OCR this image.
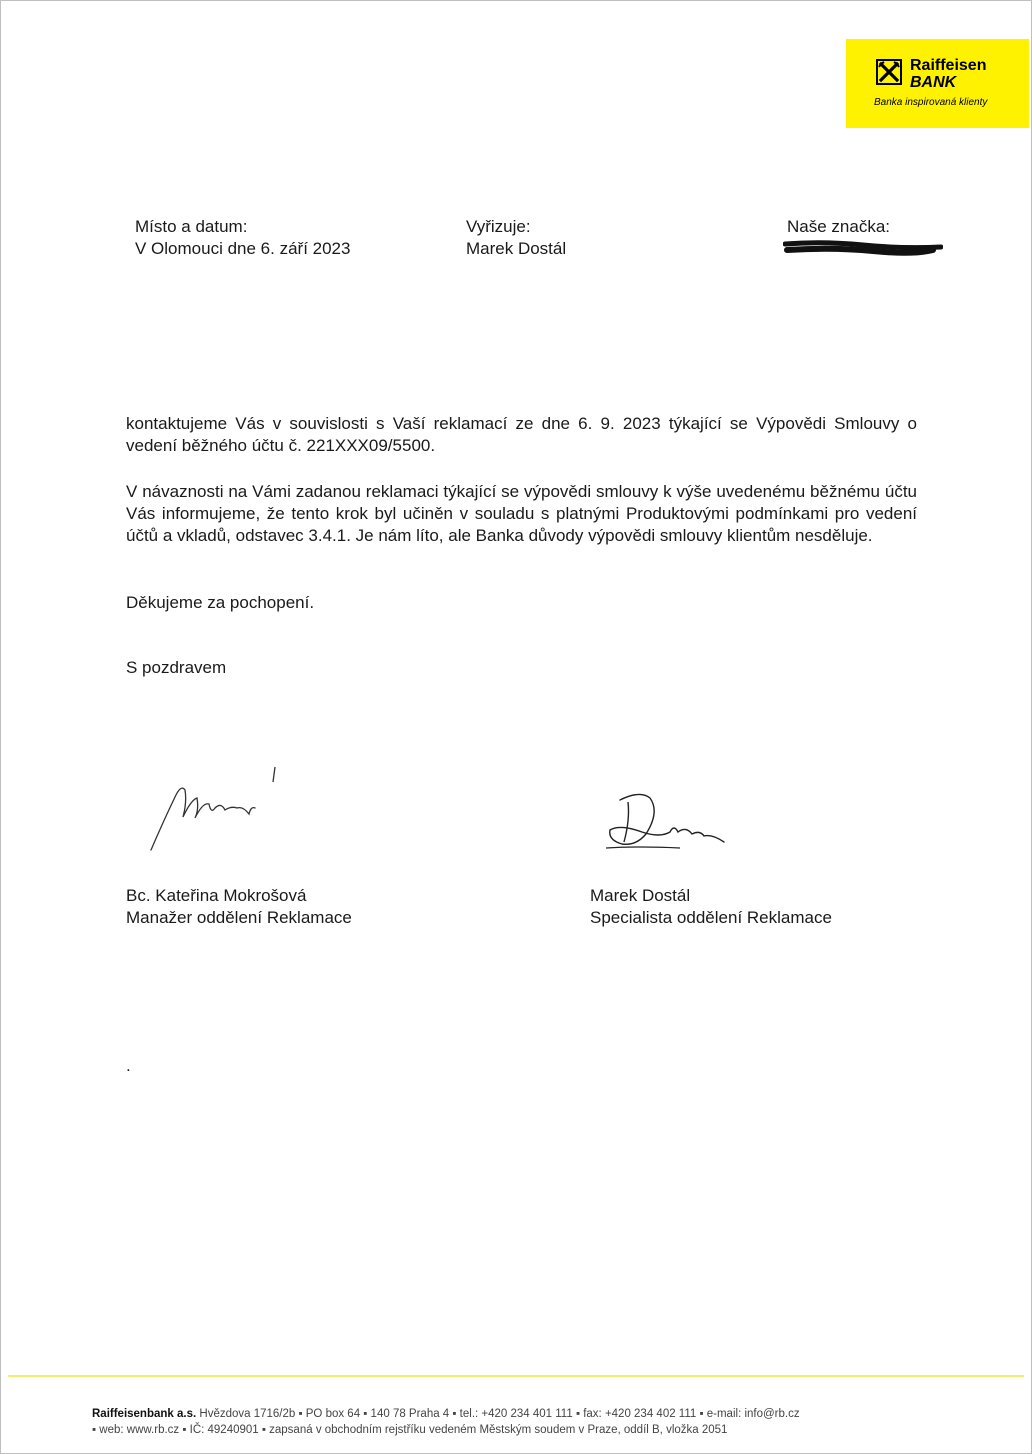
Raiffeisen
BANK
Banka inspirovaná klienty
Místo a datum:
V Olomouci dne 6. září 2023
Vyřizuje:
Marek Dostál
Naše značka:
kontaktujeme Vás v souvislosti s Vaší reklamací ze dne 6. 9. 2023 týkající se Výpovědi Smlouvy o vedení běžného účtu č. 221XXX09/5500.
V návaznosti na Vámi zadanou reklamaci týkající se výpovědi smlouvy k výše uvedenému běžnému účtu Vás informujeme, že tento krok byl učiněn v souladu s platnými Produktovými podmínkami pro vedení účtů a vkladů, odstavec 3.4.1. Je nám líto, ale Banka důvody výpovědi smlouvy klientům nesděluje.
Děkujeme za pochopení.
S pozdravem
Bc. Kateřina Mokrošová
Manažer oddělení Reklamace
Marek Dostál
Specialista oddělení Reklamace
.
Raiffeisenbank a.s. Hvězdova 1716/2b ▪ PO box 64 ▪ 140 78 Praha 4 ▪ tel.: +420 234 401 111 ▪ fax: +420 234 402 111 ▪ e-mail: info@rb.cz
▪ web: www.rb.cz ▪ IČ: 49240901 ▪ zapsaná v obchodním rejstříku vedeném Městským soudem v Praze, oddíl B, vložka 2051
